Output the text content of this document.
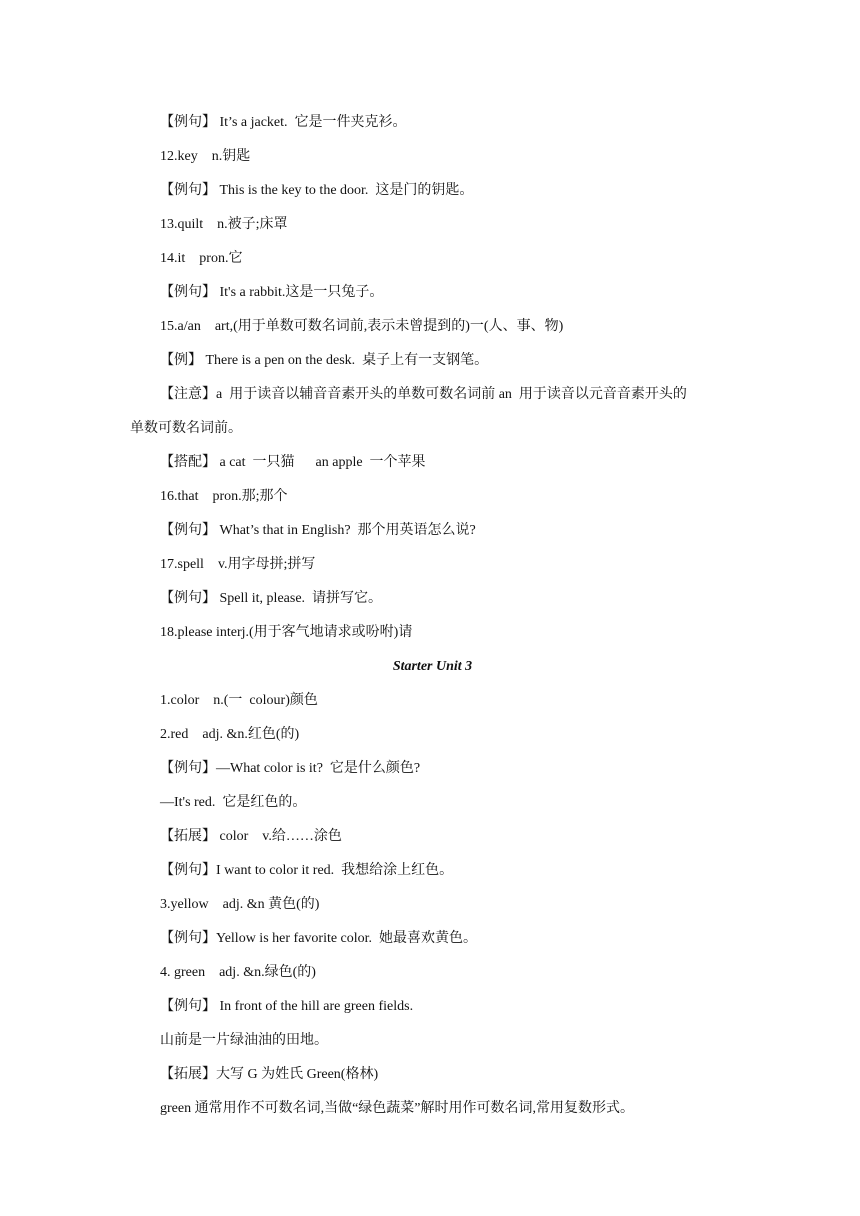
【例句】 It’s a jacket.  它是一件夹克衫。
12.key    n.钥匙
【例句】 This is the key to the door.  这是门的钥匙。
13.quilt    n.被子;床罩
14.it    pron.它
【例句】 It's a rabbit.这是一只兔子。
15.a/an    art,(用于单数可数名词前,表示未曾提到的)一(人、事、物)
【例】 There is a pen on the desk.  桌子上有一支钢笔。
【注意】a  用于读音以辅音音素开头的单数可数名词前 an  用于读音以元音音素开头的
单数可数名词前。
【搭配】 a cat  一只猫      an apple  一个苹果
16.that    pron.那;那个
【例句】 What’s that in English?  那个用英语怎么说?
17.spell    v.用字母拼;拼写
【例句】 Spell it, please.  请拼写它。
18.please interj.(用于客气地请求或吩咐)请
Starter Unit 3
1.color    n.(一  colour)颜色
2.red    adj. &n.红色(的)
【例句】—What color is it?  它是什么颜色?
—It's red.  它是红色的。
【拓展】 color    v.给……涂色
【例句】I want to color it red.  我想给涂上红色。
3.yellow    adj. &n 黄色(的)
【例句】Yellow is her favorite color.  她最喜欢黄色。
4. green    adj. &n.绿色(的)
【例句】 In front of the hill are green fields.
山前是一片绿油油的田地。
【拓展】大写 G 为姓氏 Green(格林)
green 通常用作不可数名词,当做“绿色蔬菜”解时用作可数名词,常用复数形式。
